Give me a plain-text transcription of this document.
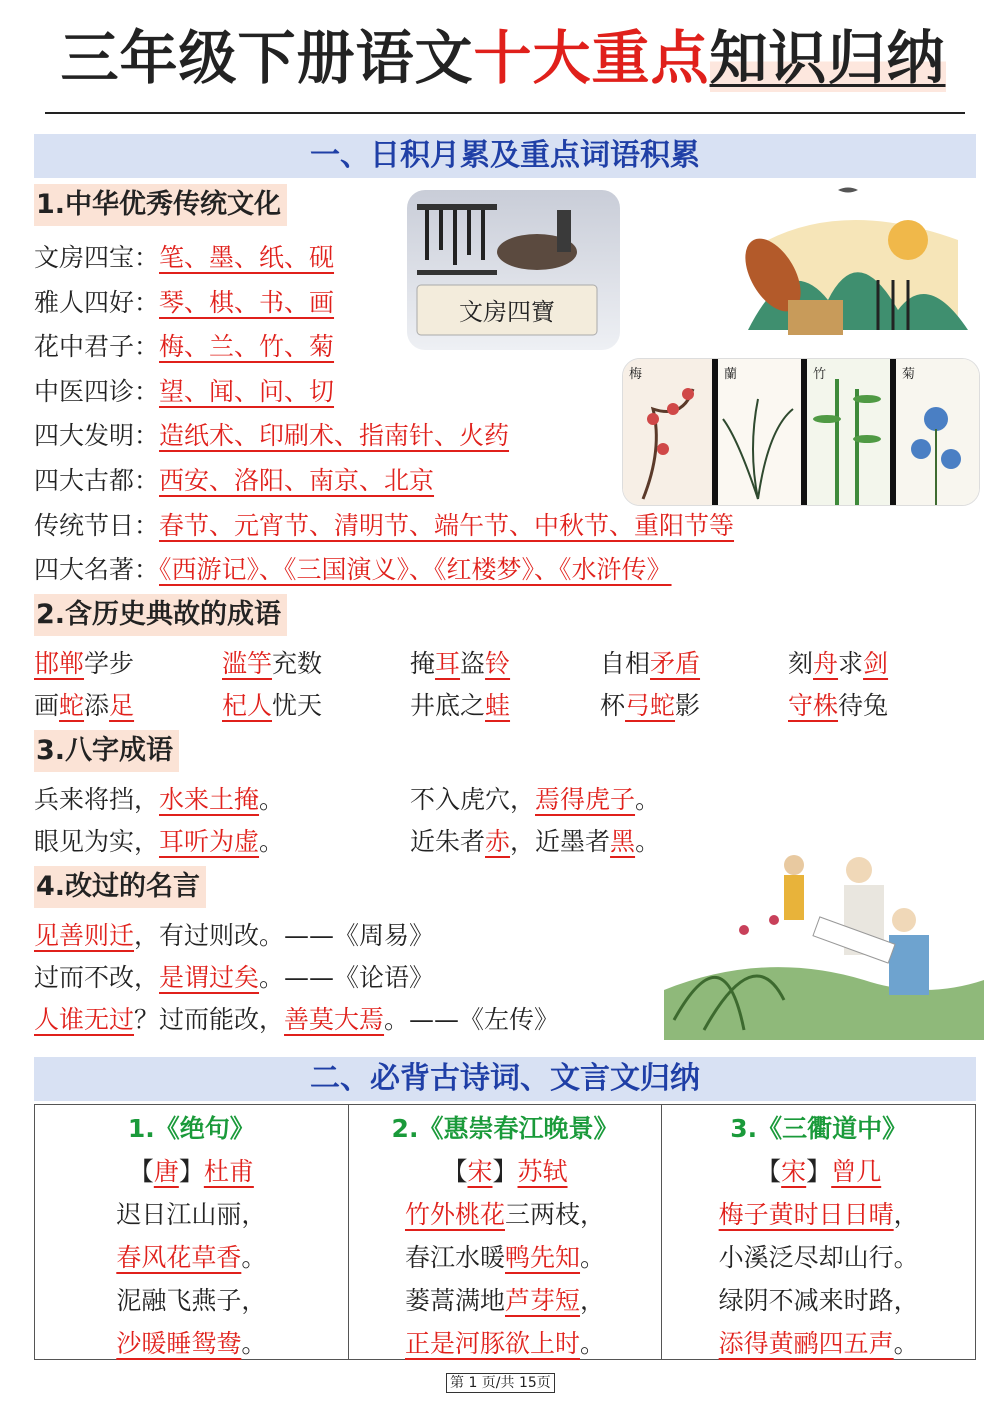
三年级下册语文十大重点知识归纳
一、日积月累及重点词语积累
1.中华优秀传统文化
文房四宝：笔、墨、纸、砚
雅人四好：琴、棋、书、画
花中君子：梅、兰、竹、菊
中医四诊：望、闻、问、切
四大发明：造纸术、印刷术、指南针、火药
四大古都：西安、洛阳、南京、北京
传统节日：春节、元宵节、清明节、端午节、中秋节、重阳节等
四大名著：《西游记》、《三国演义》、《红楼梦》、《水浒传》
文房四寶
梅	蘭	竹	菊
2.含历史典故的成语
邯郸学步	滥竽充数	掩耳盗铃	自相矛盾	刻舟求剑
画蛇添足	杞人忧天	井底之蛙	杯弓蛇影	守株待兔
3.八字成语
兵来将挡，水来土掩。	不入虎穴，焉得虎子。
眼见为实，耳听为虚。	近朱者赤，近墨者黑。
4.改过的名言
见善则迁，有过则改。——《周易》
过而不改，是谓过矣。——《论语》
人谁无过？过而能改，善莫大焉。——《左传》
二、必背古诗词、文言文归纳
1.《绝句》
【唐】杜甫
迟日江山丽，
春风花草香。
泥融飞燕子，
沙暖睡鸳鸯。
2.《惠崇春江晚景》
【宋】苏轼
竹外桃花三两枝，
春江水暖鸭先知。
蒌蒿满地芦芽短，
正是河豚欲上时。
3.《三衢道中》
【宋】曾几
梅子黄时日日晴，
小溪泛尽却山行。
绿阴不减来时路，
添得黄鹂四五声。
第 1 页/共 15页
